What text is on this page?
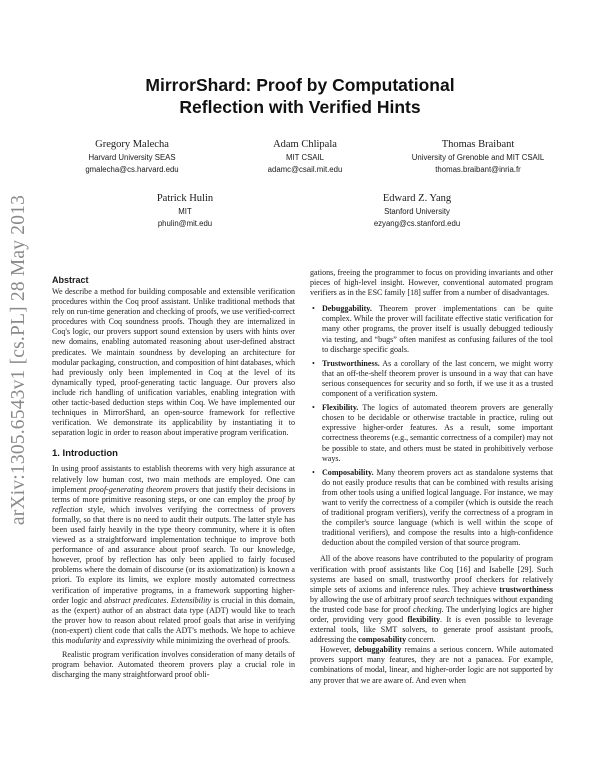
arXiv:1305.6543v1 [cs.PL] 28 May 2013
MirrorShard: Proof by Computational
Reflection with Verified Hints
Gregory Malecha
Harvard University SEAS
gmalecha@cs.harvard.edu
Adam Chlipala
MIT CSAIL
adamc@csail.mit.edu
Thomas Braibant
University of Grenoble and MIT CSAIL
thomas.braibant@inria.fr
Patrick Hulin
MIT
phulin@mit.edu
Edward Z. Yang
Stanford University
ezyang@cs.stanford.edu
Abstract

We describe a method for building composable and extensible verification procedures within the Coq proof assistant. Unlike traditional methods that rely on run-time generation and checking of proofs, we use verified-correct procedures with Coq soundness proofs. Though they are internalized in Coq's logic, our provers support sound extension by users with hints over new domains, enabling automated reasoning about user-defined abstract predicates. We maintain soundness by developing an architecture for modular packaging, construction, and composition of hint databases, which had previously only been implemented in Coq at the level of its dynamically typed, proof-generating tactic language. Our provers also include rich handling of unification variables, enabling integration with other tactic-based deduction steps within Coq. We have implemented our techniques in MirrorShard, an open-source framework for reflective verification. We demonstrate its applicability by instantiating it to separation logic in order to reason about imperative program verification.

1. Introduction

In using proof assistants to establish theorems with very high assurance at relatively low human cost, two main methods are employed. One can implement proof-generating theorem provers that justify their decisions in terms of more primitive reasoning steps, or one can employ the proof by reflection style, which involves verifying the correctness of provers formally, so that there is no need to audit their outputs. The latter style has been used fairly heavily in the type theory community, where it is often viewed as a straightforward implementation technique to improve both performance of and assurance about proof search. To our knowledge, however, proof by reflection has only been applied to fairly focused problems where the domain of discourse (or its axiomatization) is known a priori. To explore its limits, we explore mostly automated correctness verification of imperative programs, in a framework supporting higher-order logic and abstract predicates. Extensibility is crucial in this domain, as the (expert) author of an abstract data type (ADT) would like to teach the prover how to reason about related proof goals that arise in verifying (non-expert) client code that calls the ADT's methods. We hope to achieve this modularity and expressivity while minimizing the overhead of proofs.

Realistic program verification involves consideration of many details of program behavior. Automated theorem provers play a crucial role in discharging the many straightforward proof obli-

gations, freeing the programmer to focus on providing invariants and other pieces of high-level insight. However, conventional automated program verifiers as in the ESC family [18] suffer from a number of disadvantages.

• Debuggability. Theorem prover implementations can be quite complex. While the prover will facilitate effective static verification for many other programs, the prover itself is usually debugged tediously via testing, and “bugs” often manifest as confusing failures of the tool to discharge specific goals.
• Trustworthiness. As a corollary of the last concern, we might worry that an off-the-shelf theorem prover is unsound in a way that can have serious consequences for security and so forth, if we use it as a trusted component of a verification system.
• Flexibility. The logics of automated theorem provers are generally chosen to be decidable or otherwise tractable in practice, ruling out expressive higher-order features. As a result, some important correctness theorems (e.g., semantic correctness of a compiler) may not be possible to state, and others must be stated in prohibitively verbose ways.
• Composability. Many theorem provers act as standalone systems that do not easily produce results that can be combined with results arising from other tools using a unified logical language. For instance, we may want to verify the correctness of a compiler (which is outside the reach of traditional program verifiers), verify the correctness of a program in the compiler's source language (which is well within the scope of traditional verifiers), and compose the results into a high-confidence deduction about the compiled version of that source program.

All of the above reasons have contributed to the popularity of program verification with proof assistants like Coq [16] and Isabelle [29]. Such systems are based on small, trustworthy proof checkers for relatively simple sets of axioms and inference rules. They achieve trustworthiness by allowing the use of arbitrary proof search techniques without expanding the trusted code base for proof checking. The underlying logics are higher order, providing very good flexibility. It is even possible to leverage external tools, like SMT solvers, to generate proof assistant proofs, addressing the composability concern.

However, debuggability remains a serious concern. While automated provers support many features, they are not a panacea. For example, combinations of modal, linear, and higher-order logic are not supported by any prover that we are aware of. And even when
